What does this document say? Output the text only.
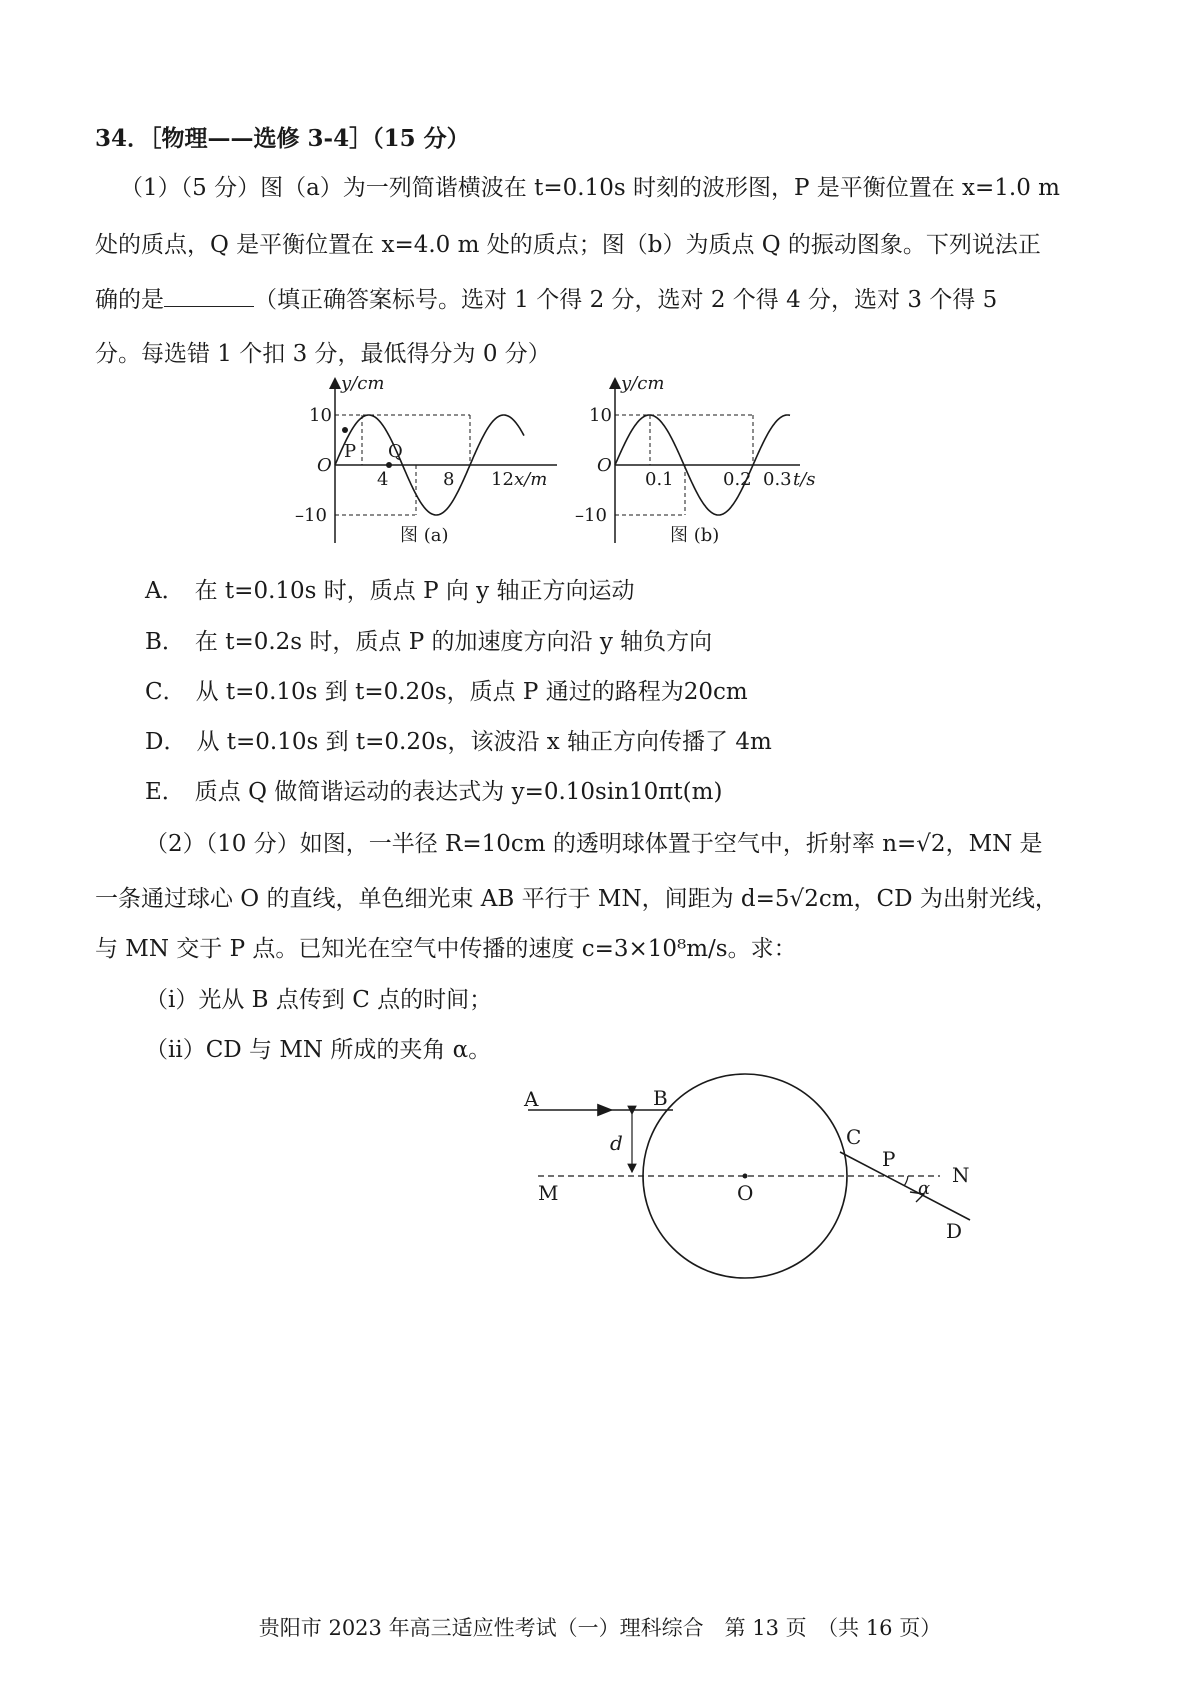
34．［物理——选修 3-4］（15 分）
（1）（5 分）图（a）为一列简谐横波在 t=0.10s 时刻的波形图，P 是平衡位置在 x=1.0 m
处的质点，Q 是平衡位置在 x=4.0 m 处的质点；图（b）为质点 Q 的振动图象。下列说法正
确的是	（填正确答案标号。选对 1 个得 2 分，选对 2 个得 4 分，选对 3 个得 5
分。每选错 1 个扣 3 分，最低得分为 0 分）
y/cm
10
O
–10
4	8 12 x/m
P Q
图 (a)
y/cm
10
O
–10
0.1	0.2 0.3 t/s
图 (b)
A． 在 t=0.10s 时，质点 P 向 y 轴正方向运动
B． 在 t=0.2s 时，质点 P 的加速度方向沿 y 轴负方向
C． 从 t=0.10s 到 t=0.20s，质点 P 通过的路程为20cm
D． 从 t=0.10s 到 t=0.20s，该波沿 x 轴正方向传播了 4m
E． 质点 Q 做简谐运动的表达式为 y=0.10sin10πt(m)
（2）（10 分）如图，一半径 R=10cm 的透明球体置于空气中，折射率 n=√2，MN 是
一条通过球心 O 的直线，单色细光束 AB 平行于 MN，间距为 d=5√2cm，CD 为出射光线，
与 MN 交于 P 点。已知光在空气中传播的速度 c=3×10⁸m/s。求：
（i）光从 B 点传到 C 点的时间；
（ii）CD 与 MN 所成的夹角 α。
A	B
C
D
M
N
O
P
d
α
贵阳市 2023 年高三适应性考试（一）理科综合　第 13 页　（共 16 页）
